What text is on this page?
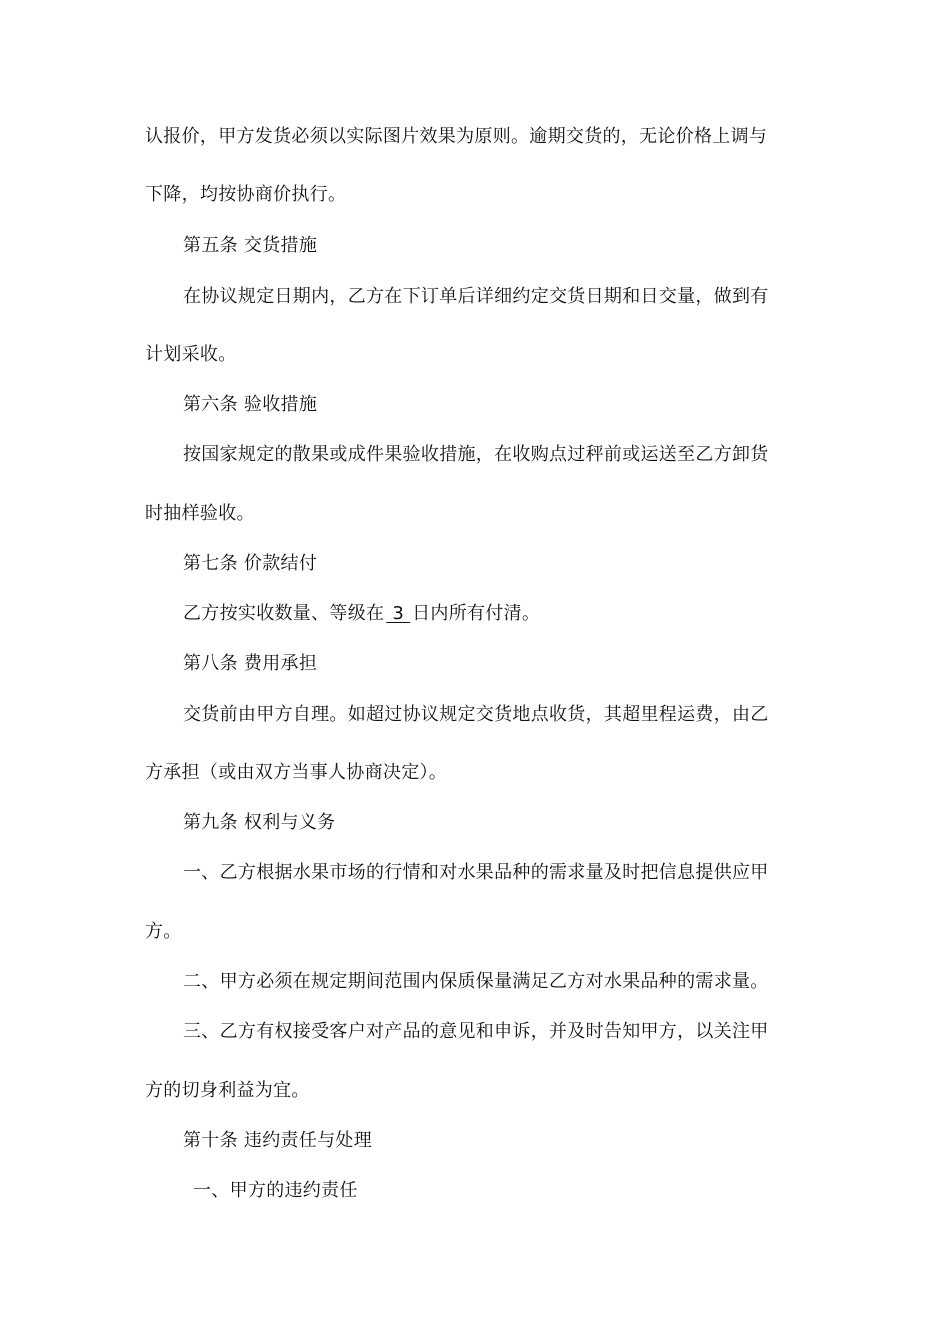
认报价，甲方发货必须以实际图片效果为原则。逾期交货的，无论价格上调与
下降，均按协商价执行。
第五条 交货措施
在协议规定日期内，乙方在下订单后详细约定交货日期和日交量，做到有
计划采收。
第六条 验收措施
按国家规定的散果或成件果验收措施，在收购点过秤前或运送至乙方卸货
时抽样验收。
第七条 价款结付
乙方按实收数量、等级在 3 日内所有付清。
第八条 费用承担
交货前由甲方自理。如超过协议规定交货地点收货，其超里程运费，由乙
方承担（或由双方当事人协商决定）。
第九条 权利与义务
一、乙方根据水果市场的行情和对水果品种的需求量及时把信息提供应甲
方。
二、甲方必须在规定期间范围内保质保量满足乙方对水果品种的需求量。
三、乙方有权接受客户对产品的意见和申诉，并及时告知甲方，以关注甲
方的切身利益为宜。
第十条 违约责任与处理
一、甲方的违约责任
